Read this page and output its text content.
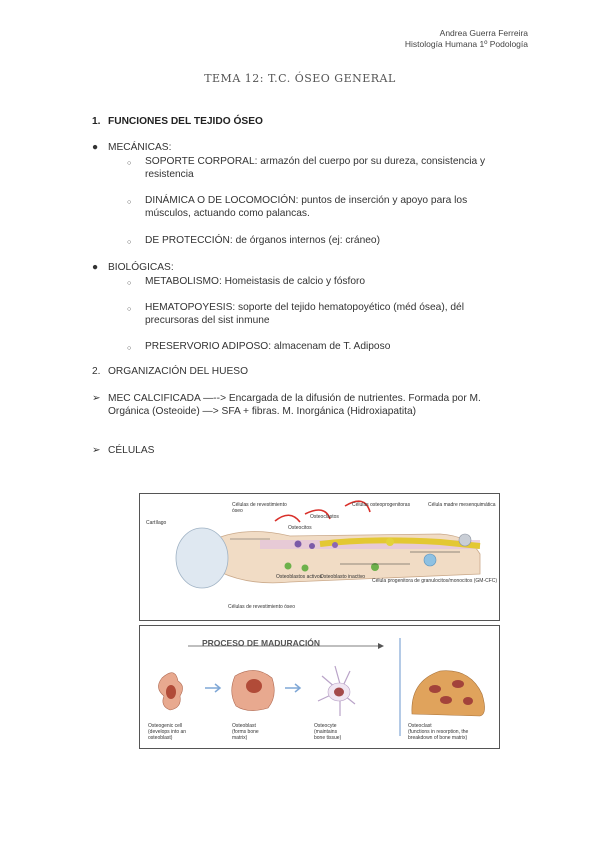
Andrea Guerra Ferreira
Histología Humana 1º Podología
TEMA 12: T.C. ÓSEO GENERAL
1. FUNCIONES DEL TEJIDO ÓSEO
● MECÁNICAS:
○ SOPORTE CORPORAL: armazón del cuerpo por su dureza, consistencia y
resistencia
○ DINÁMICA O DE LOCOMOCIÓN: puntos de inserción y apoyo para los
músculos, actuando como palancas.
○ DE PROTECCIÓN: de órganos internos (ej: cráneo)
● BIOLÓGICAS:
○ METABOLISMO: Homeistasis de calcio y fósforo
○ HEMATOPOYESIS: soporte del tejido hematopoyético (méd ósea), dél
precursoras del sist inmune
○ PRESERVORIO ADIPOSO: almacenam de T. Adiposo
2. ORGANIZACIÓN DEL HUESO
➢ MEC CALCIFICADA —--> Encargada de la difusión de nutrientes. Formada por M.
Orgánica (Osteoide) —> SFA + fibras. M. Inorgánica (Hidroxiapatita)
➢ CÉLULAS
Cartílago
Células de revestimiento
óseo
Osteoclastos
Osteocitos
Células osteoprogenitoras	Célula madre mesenquimática
Osteoblastos activos
Osteoblasto inactivo
Célula progenitora de granulocitos/monocitos (GM-CFC)
Células de revestimiento óseo
PROCESO DE MADURACIÓN
Osteogenic cell
(develops into an
osteoblast)
Osteoblast
(forms bone
matrix)
Osteocyte
(maintains
bone tissue)
Osteoclast
(functions in resorption, the
breakdown of bone matrix)
